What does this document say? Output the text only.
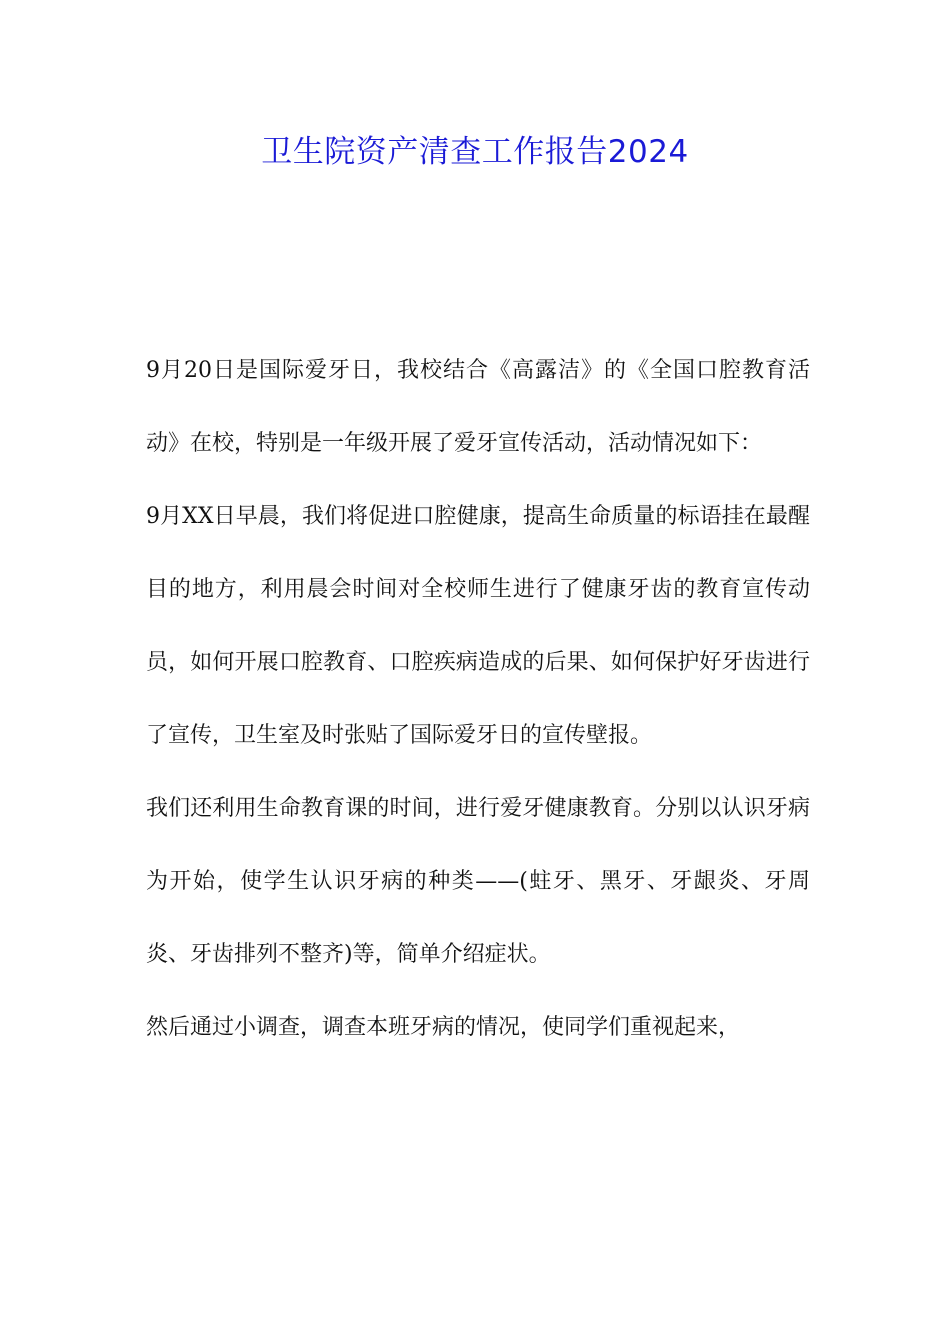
卫生院资产清查工作报告2024

9月20日是国际爱牙日，我校结合《高露洁》的《全国口腔教育活动》在校，特别是一年级开展了爱牙宣传活动，活动情况如下：

9月XX日早晨，我们将促进口腔健康，提高生命质量的标语挂在最醒目的地方，利用晨会时间对全校师生进行了健康牙齿的教育宣传动员，如何开展口腔教育、口腔疾病造成的后果、如何保护好牙齿进行了宣传，卫生室及时张贴了国际爱牙日的宣传壁报。

我们还利用生命教育课的时间，进行爱牙健康教育。分别以认识牙病为开始，使学生认识牙病的种类——(蛀牙、黑牙、牙龈炎、牙周炎、牙齿排列不整齐)等，简单介绍症状。

然后通过小调查，调查本班牙病的情况，使同学们重视起来，
